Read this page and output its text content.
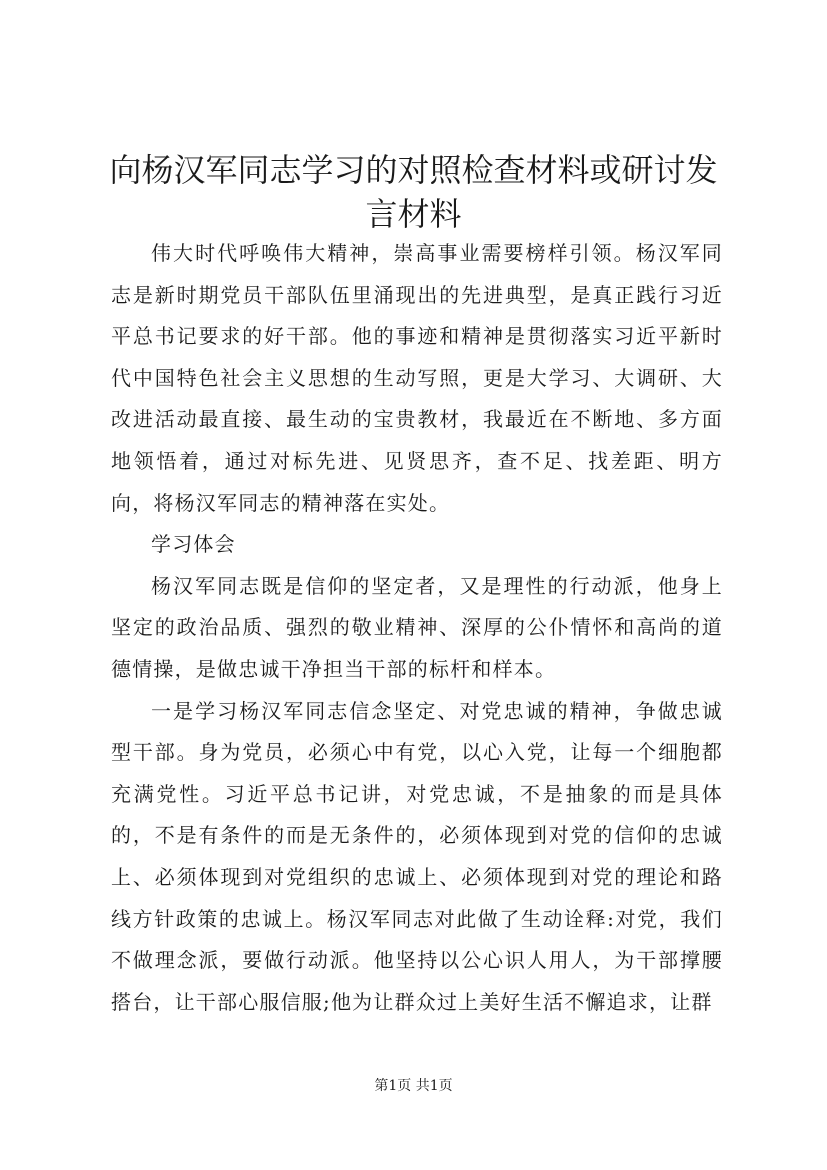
向杨汉军同志学习的对照检查材料或研讨发言材料

伟大时代呼唤伟大精神，崇高事业需要榜样引领。杨汉军同志是新时期党员干部队伍里涌现出的先进典型，是真正践行习近平总书记要求的好干部。他的事迹和精神是贯彻落实习近平新时代中国特色社会主义思想的生动写照，更是大学习、大调研、大改进活动最直接、最生动的宝贵教材，我最近在不断地、多方面地领悟着，通过对标先进、见贤思齐，查不足、找差距、明方向，将杨汉军同志的精神落在实处。

学习体会

杨汉军同志既是信仰的坚定者，又是理性的行动派，他身上坚定的政治品质、强烈的敬业精神、深厚的公仆情怀和高尚的道德情操，是做忠诚干净担当干部的标杆和样本。

一是学习杨汉军同志信念坚定、对党忠诚的精神，争做忠诚型干部。身为党员，必须心中有党，以心入党，让每一个细胞都充满党性。习近平总书记讲，对党忠诚，不是抽象的而是具体的，不是有条件的而是无条件的，必须体现到对党的信仰的忠诚上、必须体现到对党组织的忠诚上、必须体现到对党的理论和路线方针政策的忠诚上。杨汉军同志对此做了生动诠释:对党，我们不做理念派，要做行动派。他坚持以公心识人用人，为干部撑腰搭台，让干部心服信服;他为让群众过上美好生活不懈追求，让群

第1页 共1页
